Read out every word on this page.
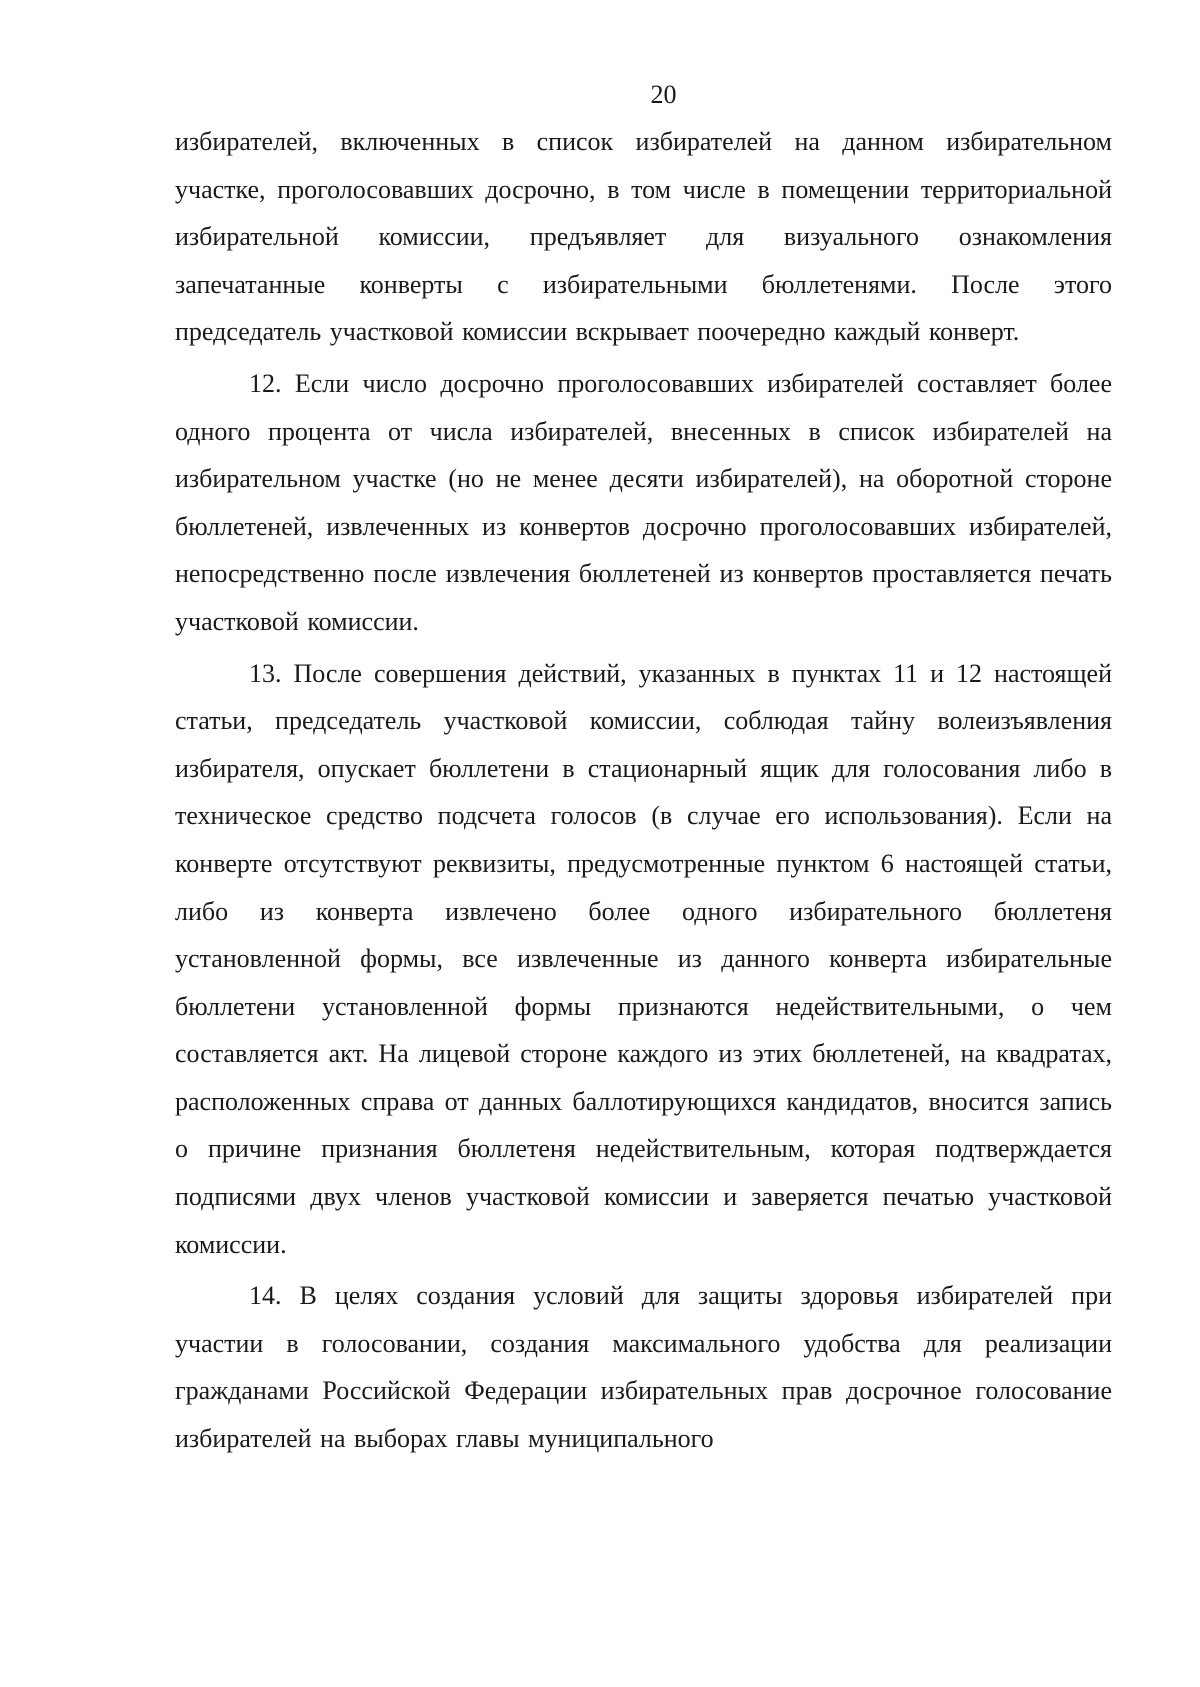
20

избирателей, включенных в список избирателей на данном избирательном участке, проголосовавших досрочно, в том числе в помещении территориальной избирательной комиссии, предъявляет для визуального ознакомления запечатанные конверты с избирательными бюллетенями. После этого председатель участковой комиссии вскрывает поочередно каждый конверт.

12. Если число досрочно проголосовавших избирателей составляет более одного процента от числа избирателей, внесенных в список избирателей на избирательном участке (но не менее десяти избирателей), на оборотной стороне бюллетеней, извлеченных из конвертов досрочно проголосовавших избирателей, непосредственно после извлечения бюллетеней из конвертов проставляется печать участковой комиссии.

13. После совершения действий, указанных в пунктах 11 и 12 настоящей статьи, председатель участковой комиссии, соблюдая тайну волеизъявления избирателя, опускает бюллетени в стационарный ящик для голосования либо в техническое средство подсчета голосов (в случае его использования). Если на конверте отсутствуют реквизиты, предусмотренные пунктом 6 настоящей статьи, либо из конверта извлечено более одного избирательного бюллетеня установленной формы, все извлеченные из данного конверта избирательные бюллетени установленной формы признаются недействительными, о чем составляется акт. На лицевой стороне каждого из этих бюллетеней, на квадратах, расположенных справа от данных баллотирующихся кандидатов, вносится запись о причине признания бюллетеня недействительным, которая подтверждается подписями двух членов участковой комиссии и заверяется печатью участковой комиссии.

14. В целях создания условий для защиты здоровья избирателей при участии в голосовании, создания максимального удобства для реализации гражданами Российской Федерации избирательных прав досрочное голосование избирателей на выборах главы муниципального
